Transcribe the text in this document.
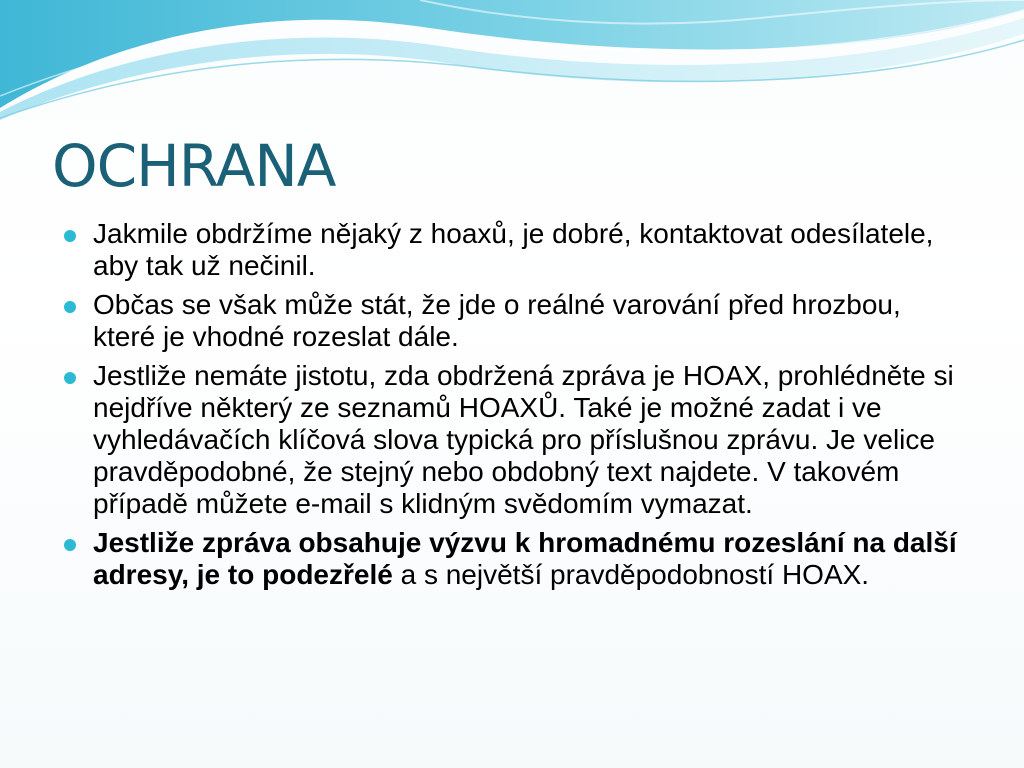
OCHRANA
Jakmile obdržíme nějaký z hoaxů, je dobré, kontaktovat odesílatele, aby tak už nečinil.
Občas se však může stát, že jde o reálné varování před hrozbou, které je vhodné rozeslat dále.
Jestliže nemáte jistotu, zda obdržená zpráva je HOAX, prohlédněte si nejdříve některý ze seznamů HOAXŮ. Také je možné zadat i ve vyhledávačích klíčová slova typická pro příslušnou zprávu. Je velice pravděpodobné, že stejný nebo obdobný text najdete. V takovém případě můžete e-mail s klidným svědomím vymazat.
Jestliže zpráva obsahuje výzvu k hromadnému rozeslání na další adresy, je to podezřelé a s největší pravděpodobností HOAX.
